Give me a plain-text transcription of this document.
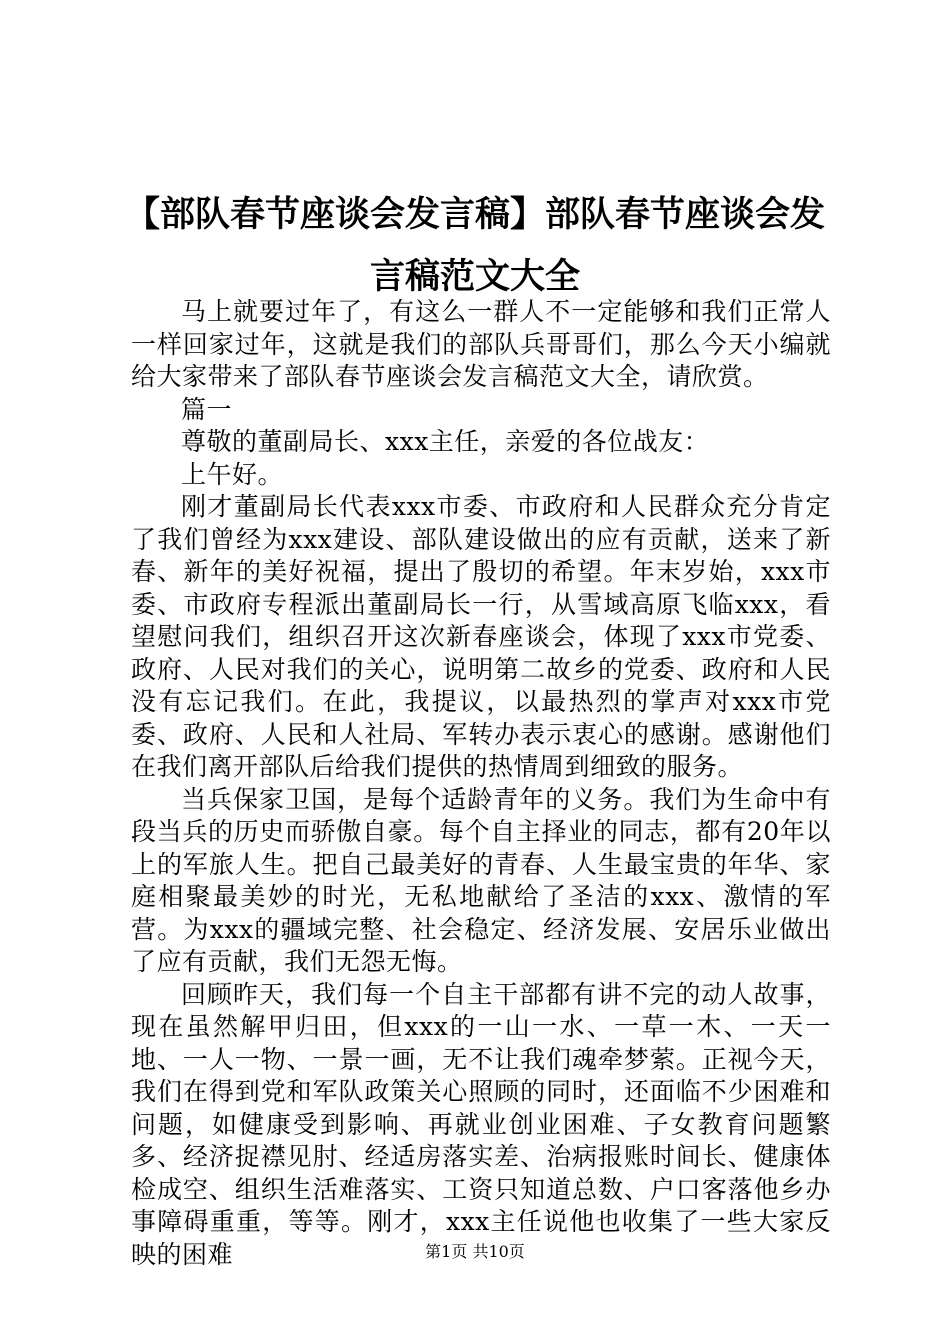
【部队春节座谈会发言稿】部队春节座谈会发言稿范文大全

马上就要过年了，有这么一群人不一定能够和我们正常人一样回家过年，这就是我们的部队兵哥哥们，那么今天小编就给大家带来了部队春节座谈会发言稿范文大全，请欣赏。

篇一

尊敬的董副局长、xxx主任，亲爱的各位战友：

上午好。

刚才董副局长代表xxx市委、市政府和人民群众充分肯定了我们曾经为xxx建设、部队建设做出的应有贡献，送来了新春、新年的美好祝福，提出了殷切的希望。年末岁始，xxx市委、市政府专程派出董副局长一行，从雪域高原飞临xxx，看望慰问我们，组织召开这次新春座谈会，体现了xxx市党委、政府、人民对我们的关心，说明第二故乡的党委、政府和人民没有忘记我们。在此，我提议，以最热烈的掌声对xxx市党委、政府、人民和人社局、军转办表示衷心的感谢。感谢他们在我们离开部队后给我们提供的热情周到细致的服务。

当兵保家卫国，是每个适龄青年的义务。我们为生命中有段当兵的历史而骄傲自豪。每个自主择业的同志，都有20年以上的军旅人生。把自己最美好的青春、人生最宝贵的年华、家庭相聚最美妙的时光，无私地献给了圣洁的xxx、激情的军营。为xxx的疆域完整、社会稳定、经济发展、安居乐业做出了应有贡献，我们无怨无悔。

回顾昨天，我们每一个自主干部都有讲不完的动人故事，现在虽然解甲归田，但xxx的一山一水、一草一木、一天一地、一人一物、一景一画，无不让我们魂牵梦萦。正视今天，我们在得到党和军队政策关心照顾的同时，还面临不少困难和问题，如健康受到影响、再就业创业困难、子女教育问题繁多、经济捉襟见肘、经适房落实差、治病报账时间长、健康体检成空、组织生活难落实、工资只知道总数、户口客落他乡办事障碍重重，等等。刚才，xxx主任说他也收集了一些大家反映的困难	第1页 共10页
